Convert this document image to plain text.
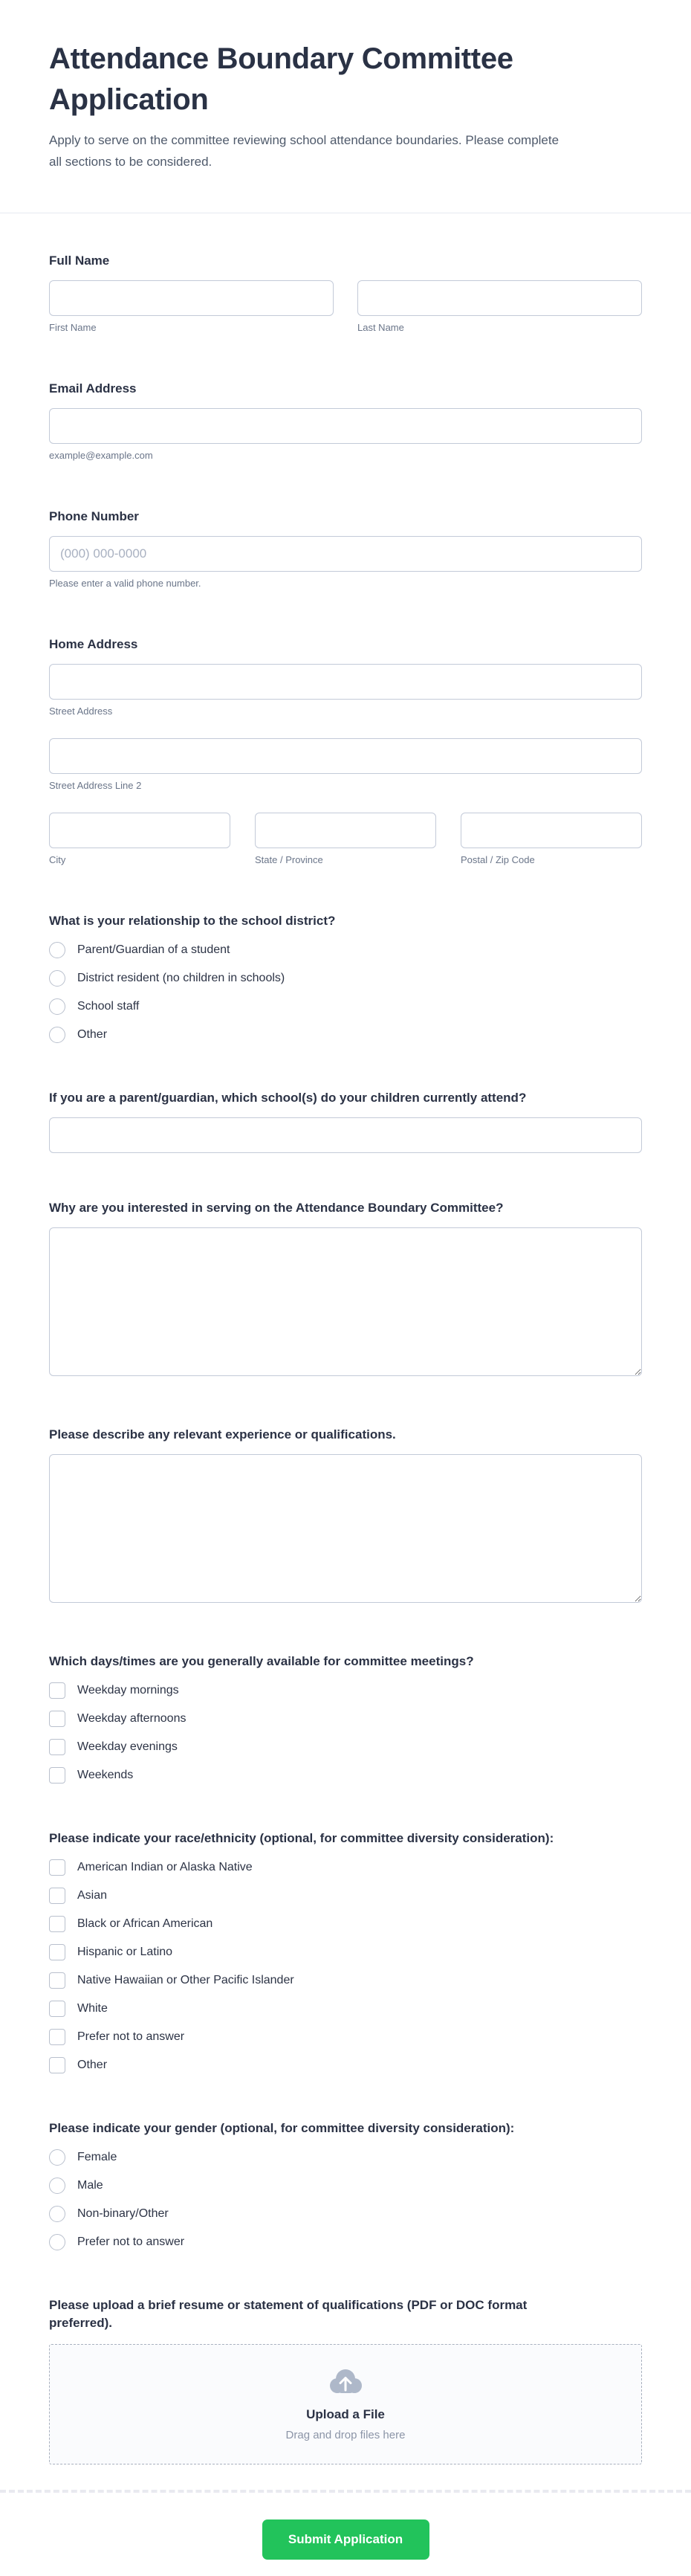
Attendance Boundary Committee Application

Apply to serve on the committee reviewing school attendance boundaries. Please complete all sections to be considered.

Full Name
First Name	Last Name
Email Address
example@example.com
Phone Number
(000) 000-0000
Please enter a valid phone number.
Home Address
Street Address
Street Address Line 2
City	State / Province	Postal / Zip Code
What is your relationship to the school district?
Parent/Guardian of a student
District resident (no children in schools)
School staff
Other
If you are a parent/guardian, which school(s) do your children currently attend?
Why are you interested in serving on the Attendance Boundary Committee?
Please describe any relevant experience or qualifications.
Which days/times are you generally available for committee meetings?
Weekday mornings
Weekday afternoons
Weekday evenings
Weekends
Please indicate your race/ethnicity (optional, for committee diversity consideration):
American Indian or Alaska Native
Asian
Black or African American
Hispanic or Latino
Native Hawaiian or Other Pacific Islander
White
Prefer not to answer
Other
Please indicate your gender (optional, for committee diversity consideration):
Female
Male
Non-binary/Other
Prefer not to answer
Please upload a brief resume or statement of qualifications (PDF or DOC format preferred).
Upload a File
Drag and drop files here
Submit Application
